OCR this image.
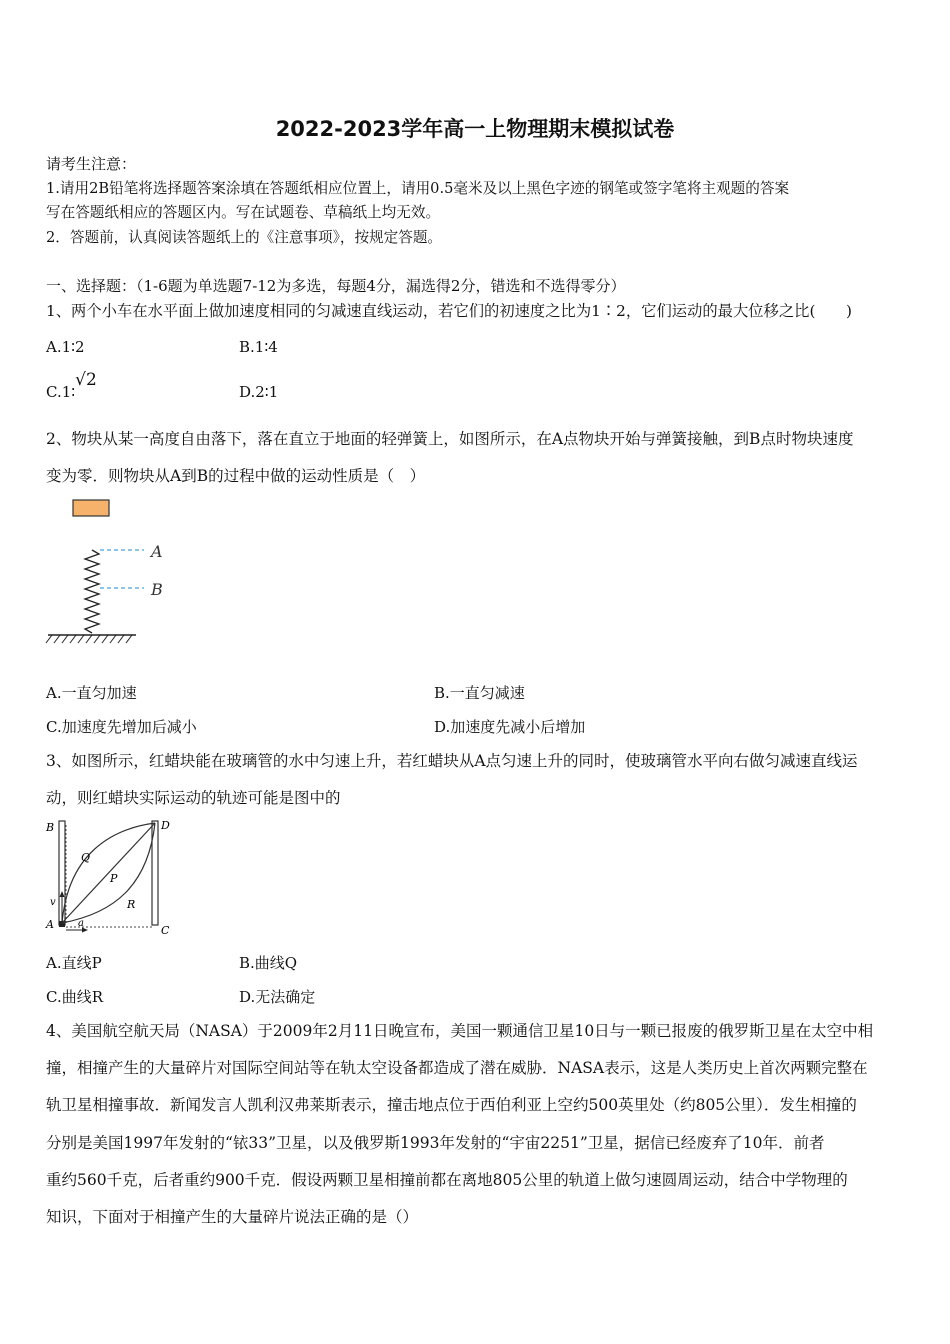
2022-2023学年高一上物理期末模拟试卷
请考生注意：
1.请用2B铅笔将选择题答案涂填在答题纸相应位置上，请用0.5毫米及以上黑色字迹的钢笔或签字笔将主观题的答案
写在答题纸相应的答题区内。写在试题卷、草稿纸上均无效。
2．答题前，认真阅读答题纸上的《注意事项》，按规定答题。
一、选择题：（1-6题为单选题7-12为多选，每题4分，漏选得2分，错选和不选得零分）
1、两个小车在水平面上做加速度相同的匀减速直线运动，若它们的初速度之比为1∶2，它们运动的最大位移之比(　　)
A.1∶2	B.1∶4
C.1∶√2
D.2∶1
2、物块从某一高度自由落下，落在直立于地面的轻弹簧上，如图所示，在A点物块开始与弹簧接触，到B点时物块速度
变为零．则物块从A到B的过程中做的运动性质是（　）
A
B
A.一直匀加速	B.一直匀减速
C.加速度先增加后减小	D.加速度先减小后增加
3、如图所示，红蜡块能在玻璃管的水中匀速上升，若红蜡块从A点匀速上升的同时，使玻璃管水平向右做匀减速直线运
动，则红蜡块实际运动的轨迹可能是图中的
B	D
Q
P
R
v
A a
C
A.直线P	B.曲线Q
C.曲线R	D.无法确定
4、美国航空航天局（NASA）于2009年2月11日晚宣布，美国一颗通信卫星10日与一颗已报废的俄罗斯卫星在太空中相
撞，相撞产生的大量碎片对国际空间站等在轨太空设备都造成了潜在威胁．NASA表示，这是人类历史上首次两颗完整在
轨卫星相撞事故．新闻发言人凯利汉弗莱斯表示，撞击地点位于西伯利亚上空约500英里处（约805公里）．发生相撞的
分别是美国1997年发射的“铱33”卫星，以及俄罗斯1993年发射的“宇宙2251”卫星，据信已经废弃了10年．前者
重约560千克，后者重约900千克．假设两颗卫星相撞前都在离地805公里的轨道上做匀速圆周运动，结合中学物理的
知识，下面对于相撞产生的大量碎片说法正确的是（）
